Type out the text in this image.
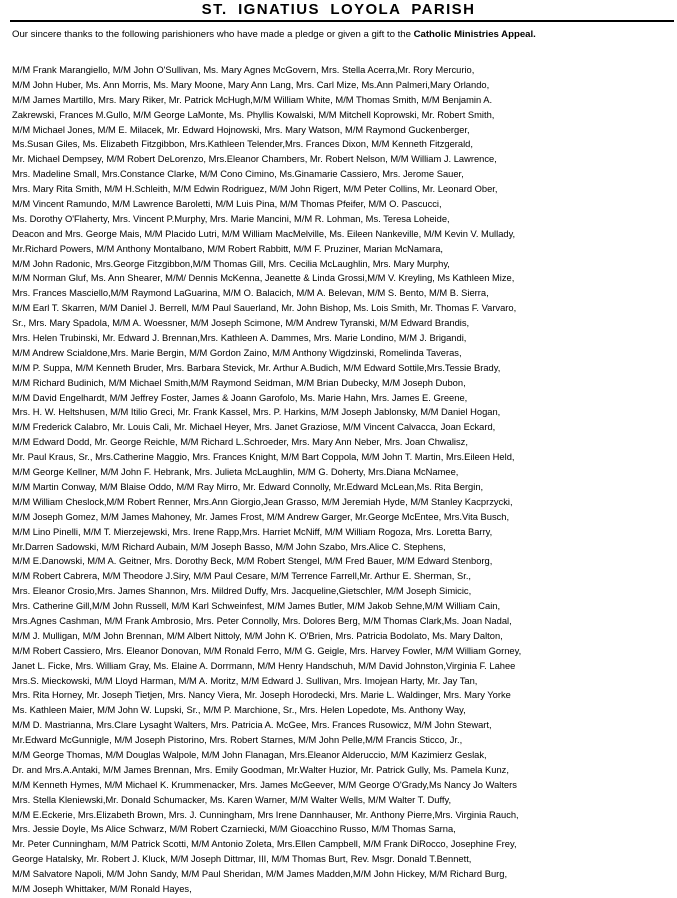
ST. IGNATIUS LOYOLA PARISH
Our sincere thanks to the following parishioners who have made a pledge or given a gift to the Catholic Ministries Appeal.
M/M Frank Marangiello, M/M John O'Sullivan, Ms. Mary Agnes McGovern, Mrs. Stella Acerra,Mr. Rory Mercurio,
M/M John Huber, Ms. Ann Morris, Ms. Mary Moone, Mary Ann Lang, Mrs. Carl Mize, Ms.Ann Palmeri,Mary Orlando,
M/M James Martillo, Mrs. Mary Riker, Mr. Patrick McHugh,M/M William White, M/M Thomas Smith, M/M Benjamin A.
Zakrewski, Frances M.Gullo, M/M George LaMonte, Ms. Phyllis Kowalski, M/M Mitchell Koprowski, Mr. Robert Smith,
M/M Michael Jones, M/M E. Milacek, Mr. Edward Hojnowski, Mrs. Mary Watson, M/M Raymond Guckenberger,
Ms.Susan Giles, Ms. Elizabeth Fitzgibbon, Mrs.Kathleen Telender,Mrs. Frances Dixon, M/M Kenneth Fitzgerald,
Mr. Michael Dempsey, M/M Robert DeLorenzo, Mrs.Eleanor Chambers, Mr. Robert Nelson, M/M William J. Lawrence,
Mrs. Madeline Small, Mrs.Constance Clarke, M/M Cono Cimino, Ms.Ginamarie Cassiero, Mrs. Jerome Sauer,
Mrs. Mary Rita Smith, M/M H.Schleith, M/M Edwin Rodriguez, M/M John Rigert, M/M Peter Collins, Mr. Leonard Ober,
M/M Vincent Ramundo, M/M Lawrence Baroletti, M/M Luis Pina, M/M Thomas Pfeifer, M/M O. Pascucci,
Ms. Dorothy O'Flaherty, Mrs. Vincent P.Murphy, Mrs. Marie Mancini, M/M R. Lohman, Ms. Teresa Loheide,
Deacon and Mrs. George Mais, M/M Placido Lutri, M/M William MacMelville, Ms. Eileen Nankeville, M/M Kevin V. Mullady,
Mr.Richard Powers, M/M Anthony Montalbano, M/M Robert Rabbitt, M/M F. Pruziner, Marian McNamara,
M/M John Radonic, Mrs.George Fitzgibbon,M/M Thomas Gill, Mrs. Cecilia McLaughlin, Mrs. Mary Murphy,
M/M Norman Gluf, Ms. Ann Shearer, M/M/ Dennis McKenna, Jeanette & Linda Grossi,M/M V. Kreyling, Ms Kathleen Mize,
Mrs. Frances Masciello,M/M Raymond LaGuarina, M/M O. Balacich, M/M A. Belevan, M/M S. Bento, M/M B. Sierra,
M/M Earl T. Skarren, M/M Daniel J. Berrell, M/M Paul Sauerland, Mr. John Bishop, Ms. Lois Smith, Mr. Thomas F. Varvaro,
Sr., Mrs. Mary Spadola, M/M A. Woessner, M/M Joseph Scimone, M/M Andrew Tyranski, M/M Edward Brandis,
Mrs. Helen Trubinski, Mr. Edward J. Brennan,Mrs. Kathleen A. Dammes, Mrs. Marie Londino, M/M J. Brigandi,
M/M Andrew Scialdone,Mrs. Marie Bergin, M/M Gordon Zaino, M/M Anthony Wigdzinski, Romelinda Taveras,
M/M P. Suppa, M/M Kenneth Bruder, Mrs. Barbara Stevick, Mr. Arthur A.Budich, M/M Edward Sottile,Mrs.Tessie Brady,
M/M Richard Budinich, M/M Michael Smith,M/M Raymond Seidman, M/M Brian Dubecky, M/M Joseph Dubon,
M/M David Engelhardt, M/M Jeffrey Foster, James & Joann Garofolo, Ms. Marie Hahn, Mrs. James E. Greene,
Mrs. H. W. Heltshusen, M/M Itilio Greci, Mr. Frank Kassel, Mrs. P. Harkins, M/M Joseph Jablonsky, M/M Daniel Hogan,
M/M Frederick Calabro, Mr. Louis Cali, Mr. Michael Heyer, Mrs. Janet Graziose, M/M Vincent Calvacca, Joan Eckard,
M/M Edward Dodd, Mr. George Reichle, M/M Richard L.Schroeder, Mrs. Mary Ann Neber, Mrs. Joan Chwalisz,
Mr. Paul Kraus, Sr., Mrs.Catherine Maggio, Mrs. Frances Knight, M/M Bart Coppola, M/M John T. Martin, Mrs.Eileen Held,
M/M George Kellner, M/M John F. Hebrank, Mrs. Julieta McLaughlin, M/M G. Doherty, Mrs.Diana McNamee,
M/M Martin Conway, M/M Blaise Oddo, M/M Ray Mirro, Mr. Edward Connolly, Mr.Edward McLean,Ms. Rita Bergin,
M/M William Cheslock,M/M Robert Renner, Mrs.Ann Giorgio,Jean Grasso, M/M Jeremiah Hyde, M/M Stanley Kacprzycki,
M/M Joseph Gomez, M/M James Mahoney, Mr. James Frost, M/M Andrew Garger, Mr.George McEntee, Mrs.Vita Busch,
M/M Lino Pinelli, M/M T. Mierzejewski, Mrs. Irene Rapp,Mrs. Harriet McNiff, M/M William Rogoza, Mrs. Loretta Barry,
Mr.Darren Sadowski, M/M Richard Aubain, M/M Joseph Basso, M/M John Szabo, Mrs.Alice C. Stephens,
M/M E.Danowski, M/M A. Geitner, Mrs. Dorothy Beck, M/M Robert Stengel, M/M Fred Bauer, M/M Edward Stenborg,
M/M Robert Cabrera, M/M Theodore J.Siry, M/M Paul Cesare, M/M Terrence Farrell,Mr. Arthur E. Sherman, Sr.,
Mrs. Eleanor Crosio,Mrs. James Shannon, Mrs. Mildred Duffy, Mrs. Jacqueline,Gietschler, M/M Joseph Simicic,
Mrs. Catherine Gill,M/M John Russell, M/M Karl Schweinfest, M/M James Butler, M/M Jakob Sehne,M/M William Cain,
Mrs.Agnes Cashman, M/M Frank Ambrosio, Mrs. Peter Connolly, Mrs. Dolores Berg, M/M Thomas Clark,Ms. Joan Nadal,
M/M J. Mulligan, M/M John Brennan, M/M Albert Nittoly, M/M John K. O'Brien, Mrs. Patricia Bodolato, Ms. Mary Dalton,
M/M Robert Cassiero, Mrs. Eleanor Donovan, M/M Ronald Ferro, M/M G. Geigle, Mrs. Harvey Fowler, M/M William Gorney,
Janet L. Ficke, Mrs. William Gray, Ms. Elaine A. Dorrmann, M/M Henry Handschuh, M/M David Johnston,Virginia F. Lahee
Mrs.S. Mieckowski, M/M Lloyd Harman, M/M A. Moritz, M/M Edward J. Sullivan, Mrs. Imojean Harty, Mr. Jay Tan,
Mrs. Rita Horney, Mr. Joseph Tietjen, Mrs. Nancy Viera, Mr. Joseph Horodecki, Mrs. Marie L. Waldinger, Mrs. Mary Yorke
Ms. Kathleen Maier, M/M John W. Lupski, Sr., M/M P. Marchione, Sr., Mrs. Helen Lopedote, Ms. Anthony Way,
M/M D. Mastrianna, Mrs.Clare Lysaght Walters, Mrs. Patricia A. McGee, Mrs. Frances Rusowicz, M/M John Stewart,
Mr.Edward McGunnigle, M/M Joseph Pistorino, Mrs. Robert Starnes, M/M John Pelle,M/M Francis Sticco, Jr.,
M/M George Thomas, M/M Douglas Walpole, M/M John Flanagan, Mrs.Eleanor Alderuccio, M/M Kazimierz Geslak,
Dr. and Mrs.A.Antaki, M/M James Brennan, Mrs. Emily Goodman, Mr.Walter Huzior, Mr. Patrick Gully, Ms. Pamela Kunz,
M/M Kenneth Hymes, M/M Michael K. Krummenacker, Mrs. James McGeever, M/M George O'Grady,Ms Nancy Jo Walters
Mrs. Stella Kleniewski,Mr. Donald Schumacker, Ms. Karen Warner, M/M Walter Wells, M/M Walter T. Duffy,
M/M E.Eckerie, Mrs.Elizabeth Brown, Mrs. J. Cunningham, Mrs Irene Dannhauser, Mr. Anthony Pierre,Mrs. Virginia Rauch,
Mrs. Jessie Doyle, Ms Alice Schwarz, M/M Robert Czarniecki, M/M Gioacchino Russo, M/M Thomas Sarna,
Mr. Peter Cunningham, M/M Patrick Scotti, M/M Antonio Zoleta, Mrs.Ellen Campbell, M/M Frank DiRocco, Josephine Frey,
George Hatalsky, Mr. Robert J. Kluck, M/M Joseph Dittmar, III, M/M Thomas Burt, Rev. Msgr. Donald T.Bennett,
M/M Salvatore Napoli, M/M John Sandy, M/M Paul Sheridan, M/M James Madden,M/M John Hickey, M/M Richard Burg,
M/M Joseph Whittaker, M/M Ronald Hayes,
